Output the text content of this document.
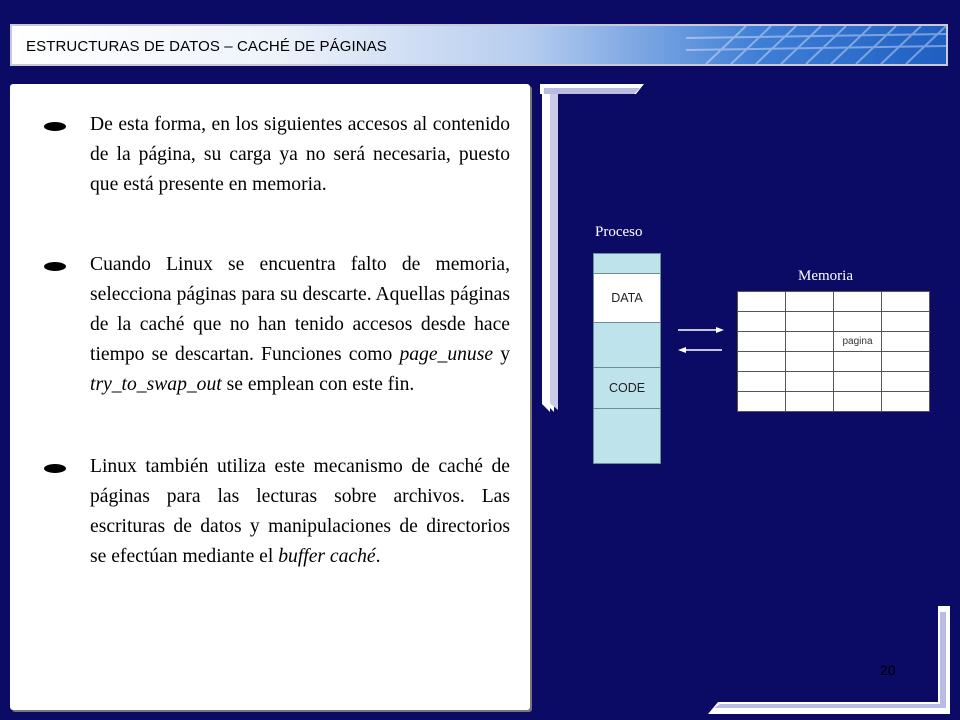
ESTRUCTURAS DE DATOS – CACHÉ DE PÁGINAS
De esta forma, en los siguientes accesos al contenido de la página, su carga ya no será necesaria, puesto que está presente en memoria.
Cuando Linux se encuentra falto de memoria, selecciona páginas para su descarte. Aquellas páginas de la caché que no han tenido accesos desde hace tiempo se descartan. Funciones como page_unuse y try_to_swap_out se emplean con este fin.
Linux también utiliza este mecanismo de caché de páginas para las lecturas sobre archivos. Las escrituras de datos y manipulaciones de directorios se efectúan mediante el buffer caché.
Proceso
Memoria
DATA
CODE

		pagina	

20
